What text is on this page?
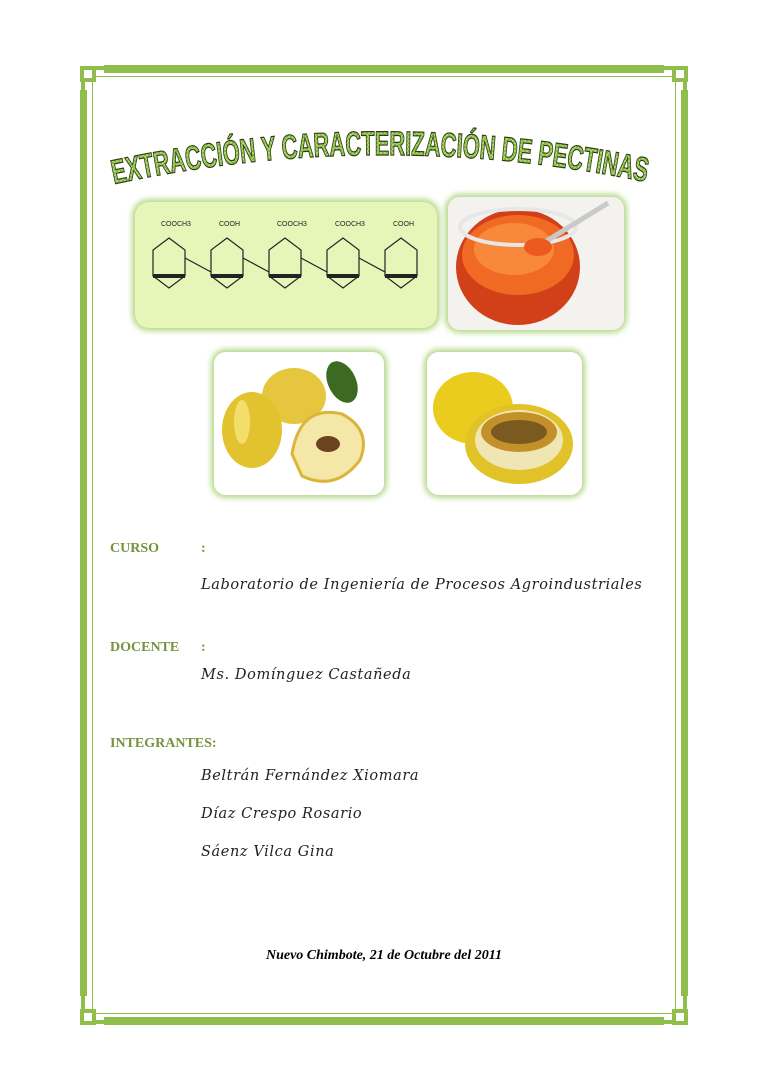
EXTRACCIÓN Y CARACTERIZACIÓN DE PECTINAS
COOCH3	COOH	COOCH3	COOCH3	COOH
CURSO	:
Laboratorio de Ingeniería de Procesos Agroindustriales
DOCENTE :
Ms. Domínguez Castañeda
INTEGRANTES:
Beltrán Fernández Xiomara
Díaz Crespo Rosario
Sáenz Vilca Gina
Nuevo Chimbote, 21 de Octubre del 2011
